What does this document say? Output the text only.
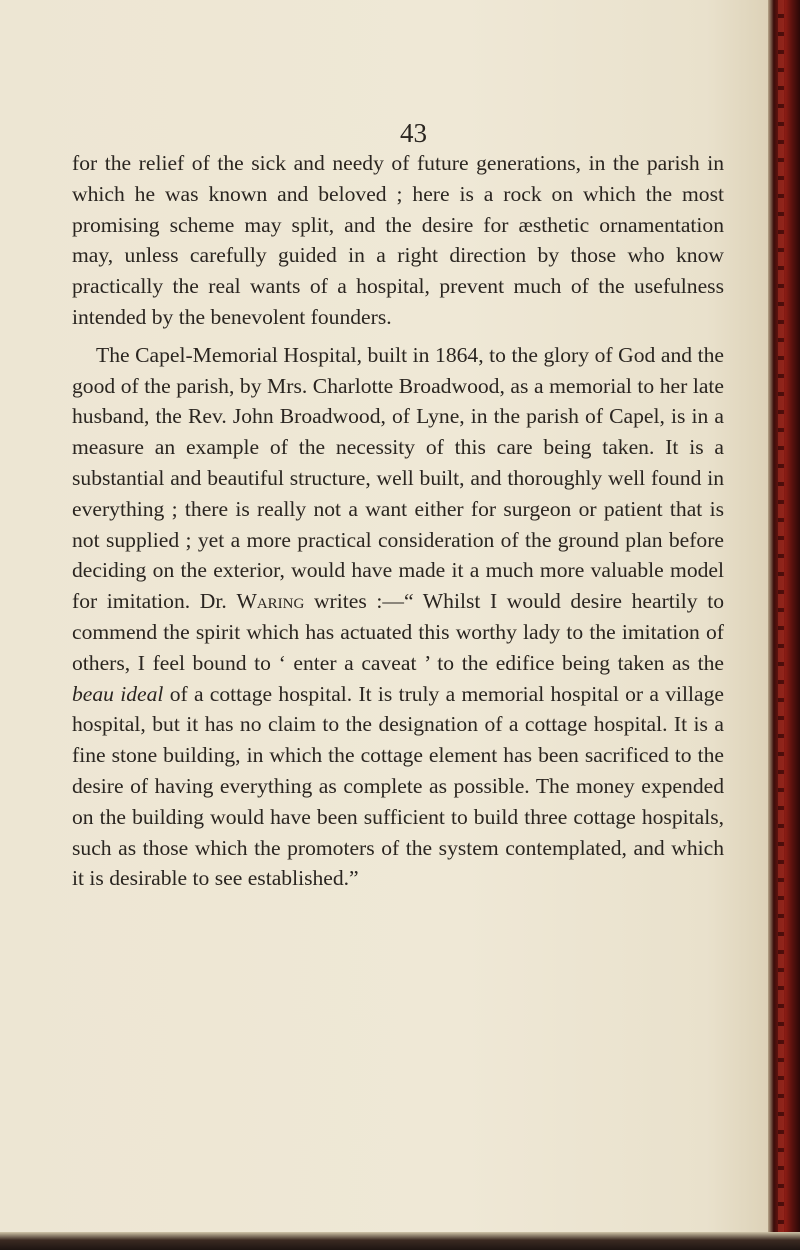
43

for the relief of the sick and needy of future generations, in the parish in which he was known and beloved ; here is a rock on which the most promising scheme may split, and the desire for æsthetic ornamentation may, unless carefully guided in a right direction by those who know practically the real wants of a hospital, prevent much of the usefulness intended by the benevolent founders.

The Capel-Memorial Hospital, built in 1864, to the glory of God and the good of the parish, by Mrs. Charlotte Broadwood, as a memorial to her late husband, the Rev. John Broadwood, of Lyne, in the parish of Capel, is in a measure an example of the necessity of this care being taken. It is a substantial and beautiful structure, well built, and thoroughly well found in everything ; there is really not a want either for surgeon or patient that is not supplied ; yet a more practical consideration of the ground plan before deciding on the exterior, would have made it a much more valuable model for imitation. Dr. Waring writes :—“ Whilst I would desire heartily to commend the spirit which has actuated this worthy lady to the imitation of others, I feel bound to ‘ enter a caveat ’ to the edifice being taken as the beau ideal of a cottage hospital. It is truly a memorial hospital or a village hospital, but it has no claim to the designation of a cottage hospital. It is a fine stone building, in which the cottage element has been sacrificed to the desire of having everything as complete as possible. The money expended on the building would have been sufficient to build three cottage hospitals, such as those which the promoters of the system contemplated, and which it is desirable to see established.”
